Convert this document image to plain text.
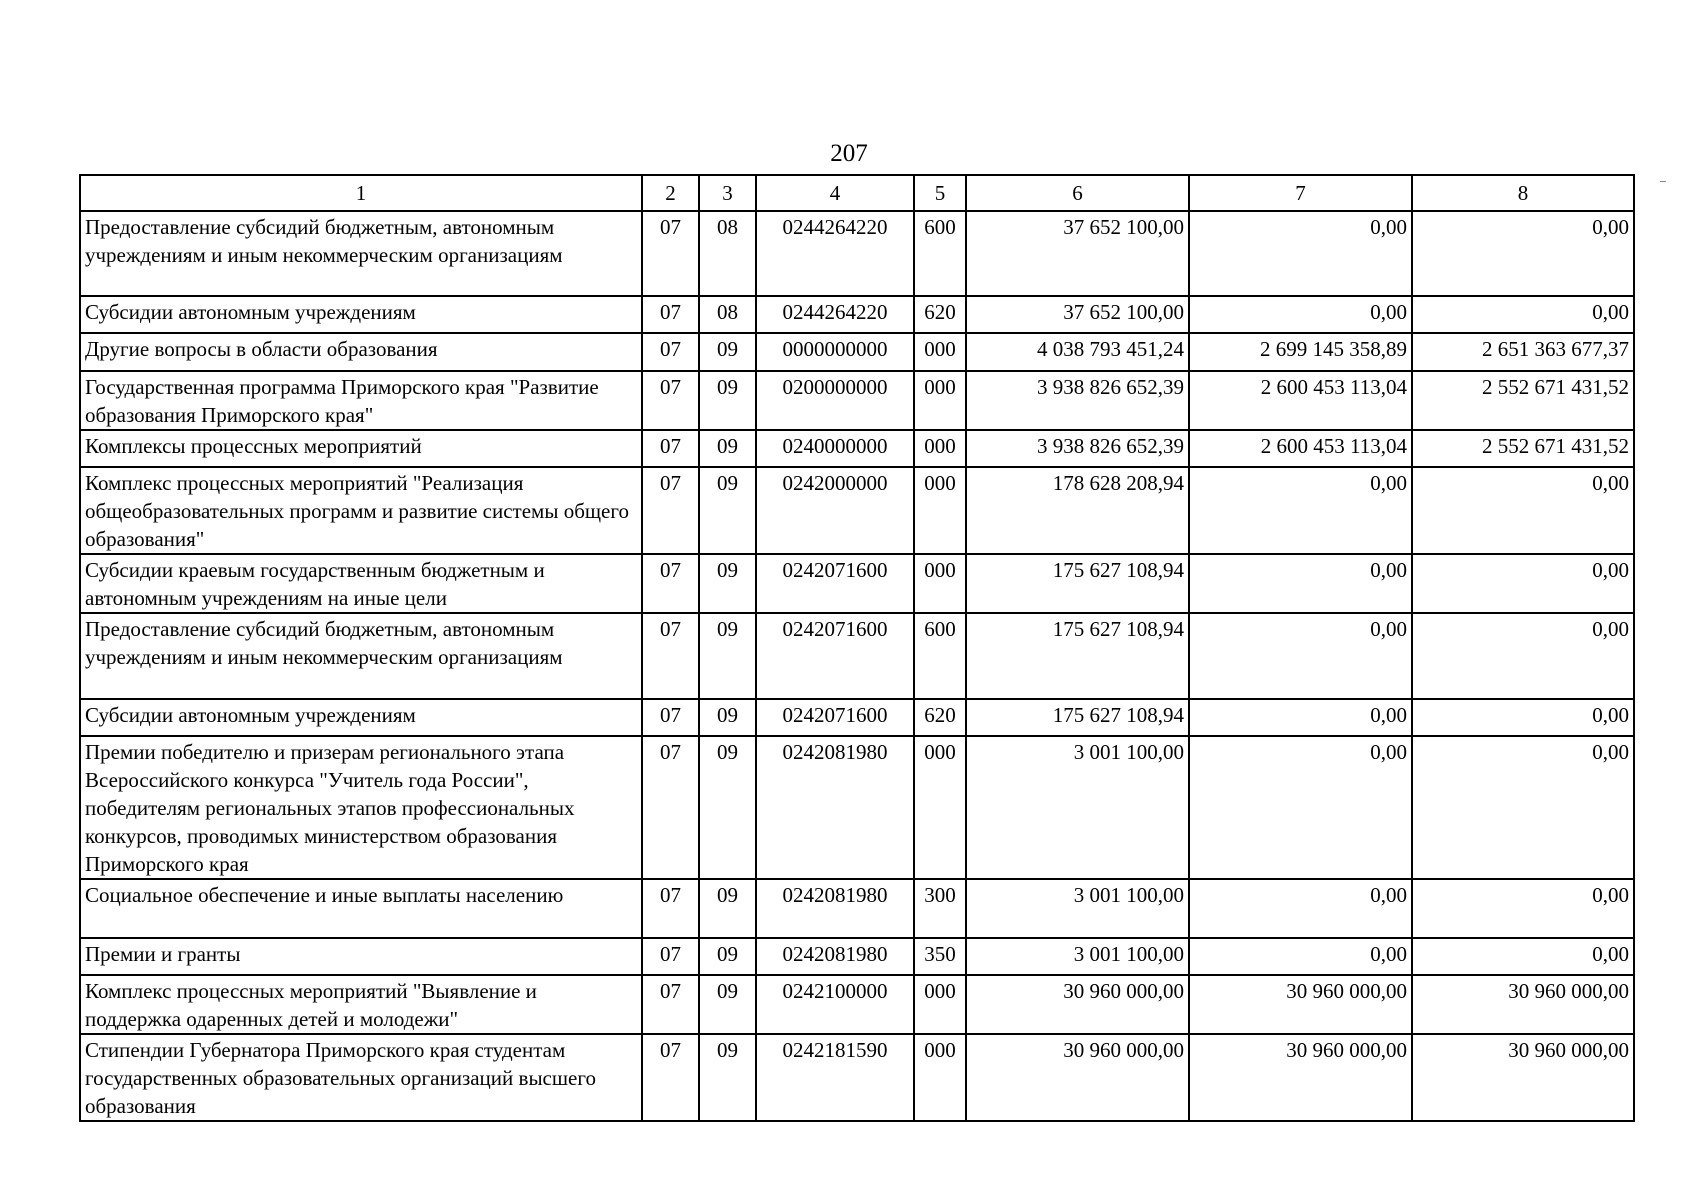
207
1	2	3	4	5	6	7	8
Предоставление субсидий бюджетным, автономным учреждениям и иным некоммерческим организациям	07	08	0244264220	600	37 652 100,00	0,00	0,00
Субсидии автономным учреждениям	07	08	0244264220	620	37 652 100,00	0,00	0,00
Другие вопросы в области образования	07	09	0000000000	000	4 038 793 451,24	2 699 145 358,89	2 651 363 677,37
Государственная программа Приморского края "Развитие образования Приморского края"	07	09	0200000000	000	3 938 826 652,39	2 600 453 113,04	2 552 671 431,52
Комплексы процессных мероприятий	07	09	0240000000	000	3 938 826 652,39	2 600 453 113,04	2 552 671 431,52
Комплекс процессных мероприятий "Реализация общеобразовательных программ и развитие системы общего образования"	07	09	0242000000	000	178 628 208,94	0,00	0,00
Субсидии краевым государственным бюджетным и автономным учреждениям на иные цели	07	09	0242071600	000	175 627 108,94	0,00	0,00
Предоставление субсидий бюджетным, автономным учреждениям и иным некоммерческим организациям	07	09	0242071600	600	175 627 108,94	0,00	0,00
Субсидии автономным учреждениям	07	09	0242071600	620	175 627 108,94	0,00	0,00
Премии победителю и призерам регионального этапа Всероссийского конкурса "Учитель года России", победителям региональных этапов профессиональных конкурсов, проводимых министерством образования Приморского края	07	09	0242081980	000	3 001 100,00	0,00	0,00
Социальное обеспечение и иные выплаты населению	07	09	0242081980	300	3 001 100,00	0,00	0,00
Премии и гранты	07	09	0242081980	350	3 001 100,00	0,00	0,00
Комплекс процессных мероприятий "Выявление и поддержка одаренных детей и молодежи"	07	09	0242100000	000	30 960 000,00	30 960 000,00	30 960 000,00
Стипендии Губернатора Приморского края студентам государственных образовательных организаций высшего образования	07	09	0242181590	000	30 960 000,00	30 960 000,00	30 960 000,00
